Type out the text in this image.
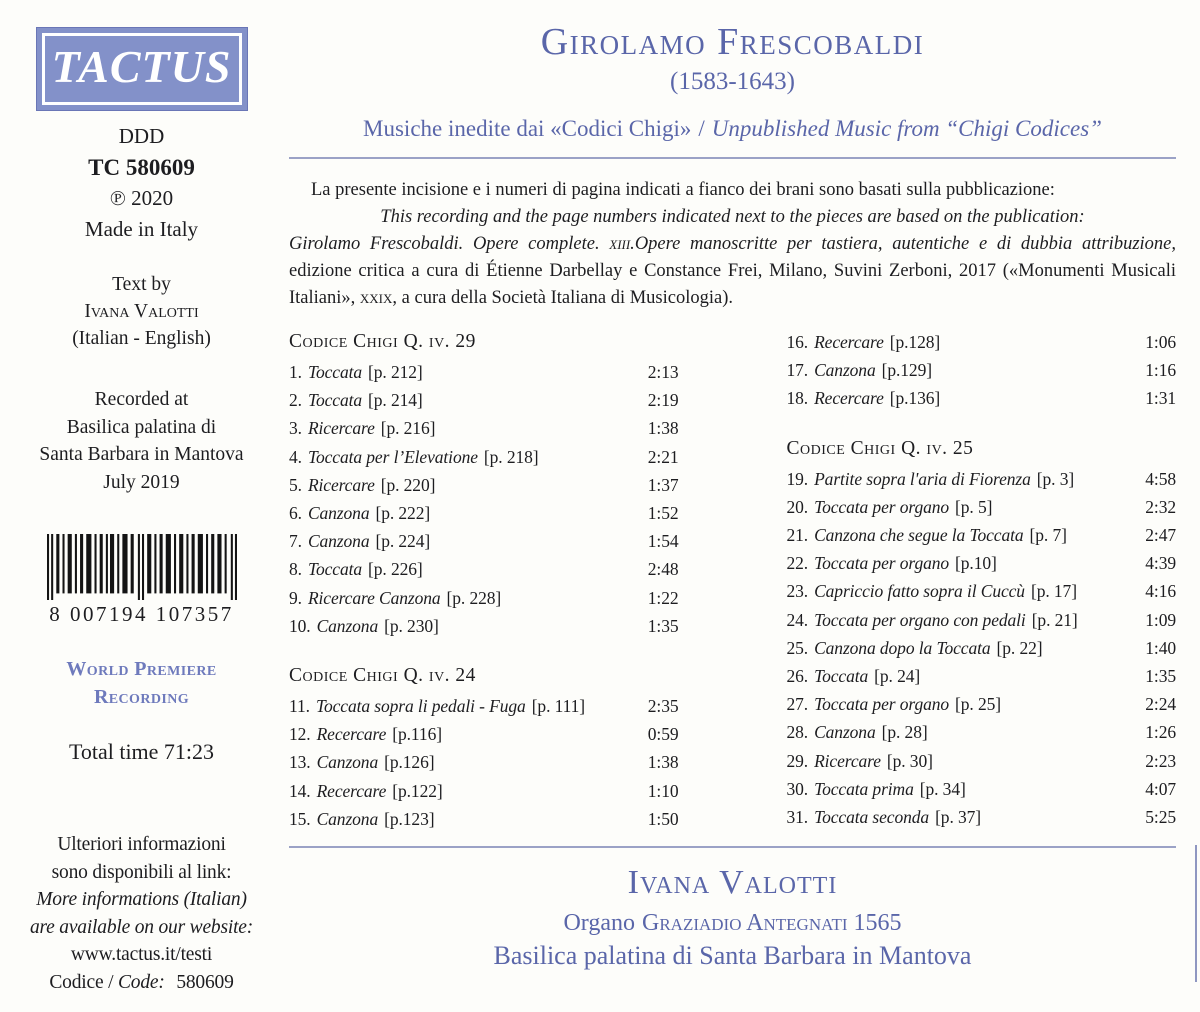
TACTUS
DDD
TC 580609
℗ 2020
Made in Italy
Text by
Ivana Valotti
(Italian - English)
Recorded at
Basilica palatina di
Santa Barbara in Mantova
July 2019
8 007194 107357
World Premiere
Recording
Total time 71:23
Ulteriori informazioni
sono disponibili al link:
More informations (Italian)
are available on our website:
www.tactus.it/testi
Codice / Code: 580609
Girolamo Frescobaldi
(1583-1643)
Musiche inedite dai «Codici Chigi» / Unpublished Music from “Chigi Codices”

La presente incisione e i numeri di pagina indicati a fianco dei brani sono basati sulla pubblicazione:

This recording and the page numbers indicated next to the pieces are based on the publication:

Girolamo Frescobaldi. Opere complete. xiii.Opere manoscritte per tastiera, autentiche e di dubbia attribuzione, edizione critica a cura di Étienne Darbellay e Constance Frei, Milano, Suvini Zerboni, 2017 («Monumenti Musicali Italiani», xxix, a cura della Società Italiana di Musicologia).

Codice Chigi Q. iv. 29
1. Toccata [p. 212]	2:13
2. Toccata [p. 214]	2:19
3. Ricercare [p. 216]	1:38
4. Toccata per l’Elevatione [p. 218]	2:21
5. Ricercare [p. 220]	1:37
6. Canzona [p. 222]	1:52
7. Canzona [p. 224]	1:54
8. Toccata [p. 226]	2:48
9. Ricercare Canzona [p. 228]	1:22
10. Canzona [p. 230]	1:35
Codice Chigi Q. iv. 24
11. Toccata sopra li pedali - Fuga [p. 111]	2:35
12. Recercare [p.116]	0:59
13. Canzona [p.126]	1:38
14. Recercare [p.122]	1:10
15. Canzona [p.123]	1:50
16. Recercare [p.128]	1:06
17. Canzona [p.129]	1:16
18. Recercare [p.136]	1:31
Codice Chigi Q. iv. 25
19. Partite sopra l'aria di Fiorenza [p. 3]	4:58
20. Toccata per organo [p. 5]	2:32
21. Canzona che segue la Toccata [p. 7]	2:47
22. Toccata per organo [p.10]	4:39
23. Capriccio fatto sopra il Cuccù [p. 17]	4:16
24. Toccata per organo con pedali [p. 21]	1:09
25. Canzona dopo la Toccata [p. 22]	1:40
26. Toccata [p. 24]	1:35
27. Toccata per organo [p. 25]	2:24
28. Canzona [p. 28]	1:26
29. Ricercare [p. 30]	2:23
30. Toccata prima [p. 34]	4:07
31. Toccata seconda [p. 37]	5:25
Ivana Valotti
Organo Graziadio Antegnati 1565
Basilica palatina di Santa Barbara in Mantova
